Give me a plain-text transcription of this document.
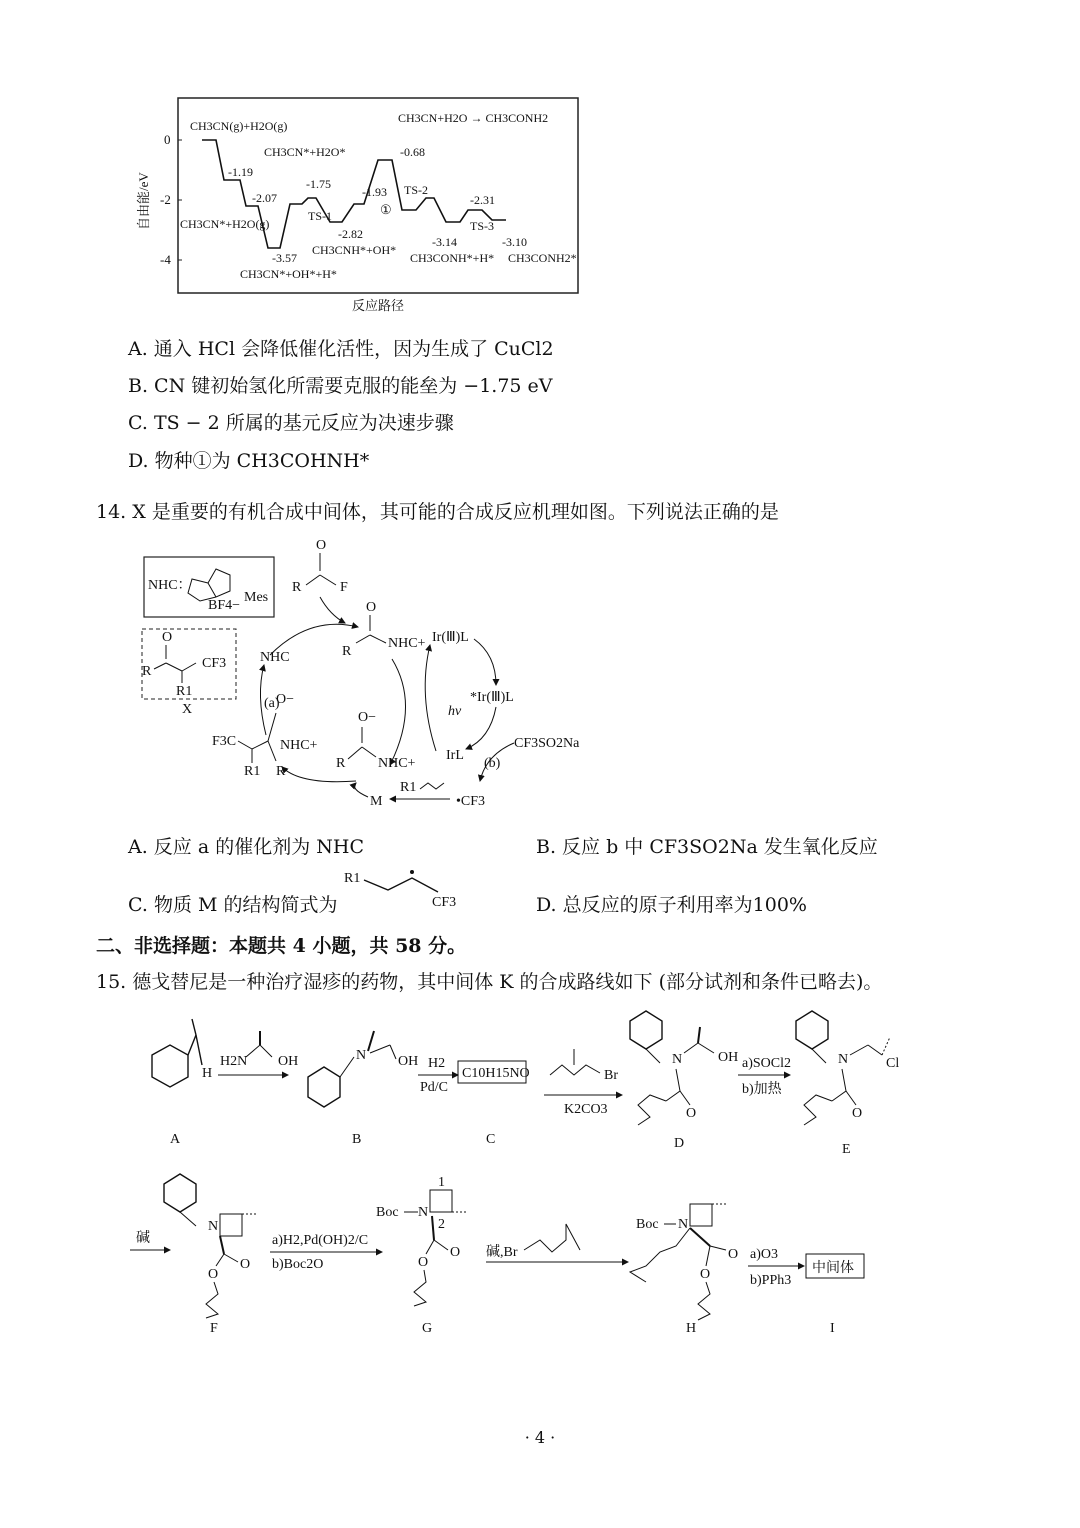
自由能/eV
反应路径
0
-2
-4
CH3CN+H2O → CH3CONH2
CH3CN(g)+H2O(g)
CH3CN*+H2O*
-1.19
-2.07
CH3CN*+H2O(g)
-3.57
CH3CN*+OH*+H*
-1.75
TS-1
-2.82
CH3CNH*+OH*
-1.93
①
-0.68
TS-2
-2.31
TS-3
-3.14	-3.10
CH3CONH*+H* CH3CONH2*
A. 通入 HCl 会降低催化活性，因为生成了 CuCl2
B. CN 键初始氢化所需要克服的能垒为 −1.75 eV
C. TS − 2 所属的基元反应为决速步骤
D. 物种①为 CH3COHNH*
14. X 是重要的有机合成中间体，其可能的合成反应机理如图。下列说法正确的是
NHC：
BF4−
Mes
O
R	F
O
R
NHC+
NHC
O
R
CF3
R1
X	(a)
O−
F3C	NHC+
R1 R
O−
R NHC+
Ir(Ⅲ)L
*Ir(Ⅲ)L
hν
IrL
CF3SO2Na
(b)
•CF3
R1
M
A. 反应 a 的催化剂为 NHC	B. 反应 b 中 CF3SO2Na 发生氧化反应
C. 物质 M 的结构简式为
R1
CF3	D. 总反应的原子利用率为100%
二、非选择题：本题共 4 小题，共 58 分。
15. 德戈替尼是一种治疗湿疹的药物，其中间体 K 的合成路线如下 (部分试剂和条件已略去)。
H
A
H2N OH	N OH
B
H2
Pd/C
C10H15NO
C
Br
K2CO3
N	OH
O
D
a)SOCl2
b)加热
N	Cl
O
E
碱
N
O
O
F
a)H2,Pd(OH)2/C
b)Boc2O
Boc N
1
2
O
O
G
碱,Br
Boc N
O
O
H
a)O3
b)PPh3
中间体
I
· 4 ·
